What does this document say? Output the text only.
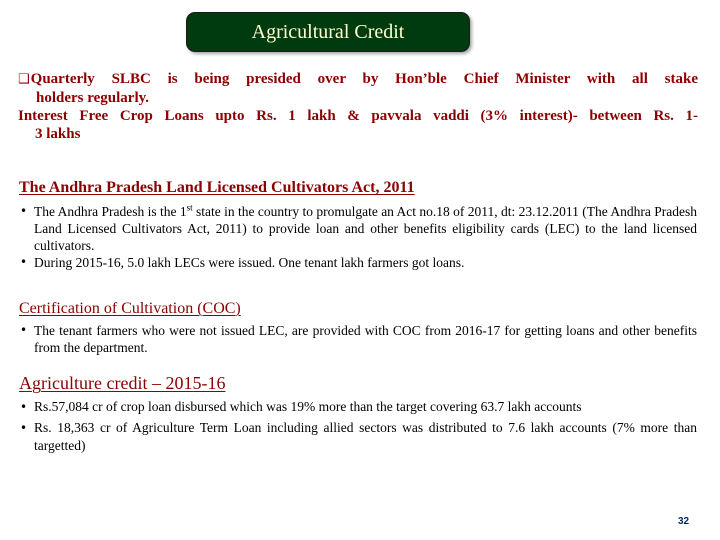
Agricultural Credit
❑Quarterly SLBC is being presided over by Hon’ble Chief Minister with all stake
holders regularly.
Interest Free Crop Loans upto Rs. 1 lakh & pavvala vaddi (3% interest)- between Rs. 1-
3 lakhs
The Andhra Pradesh Land Licensed Cultivators Act, 2011
• The Andhra Pradesh is the 1st state in the country to promulgate an Act no.18 of 2011, dt: 23.12.2011 (The Andhra Pradesh Land Licensed Cultivators Act, 2011) to provide loan and other benefits eligibility cards (LEC) to the land licensed cultivators.
• During 2015-16, 5.0 lakh LECs were issued. One tenant lakh farmers got loans.
Certification of Cultivation (COC)
• The tenant farmers who were not issued LEC, are provided with COC from 2016-17 for getting loans and other benefits from the department.
Agriculture credit – 2015-16
• Rs.57,084 cr of crop loan disbursed which was 19% more than the target covering 63.7 lakh accounts
• Rs. 18,363 cr of Agriculture Term Loan including allied sectors was distributed to 7.6 lakh accounts (7% more than targetted)
32
